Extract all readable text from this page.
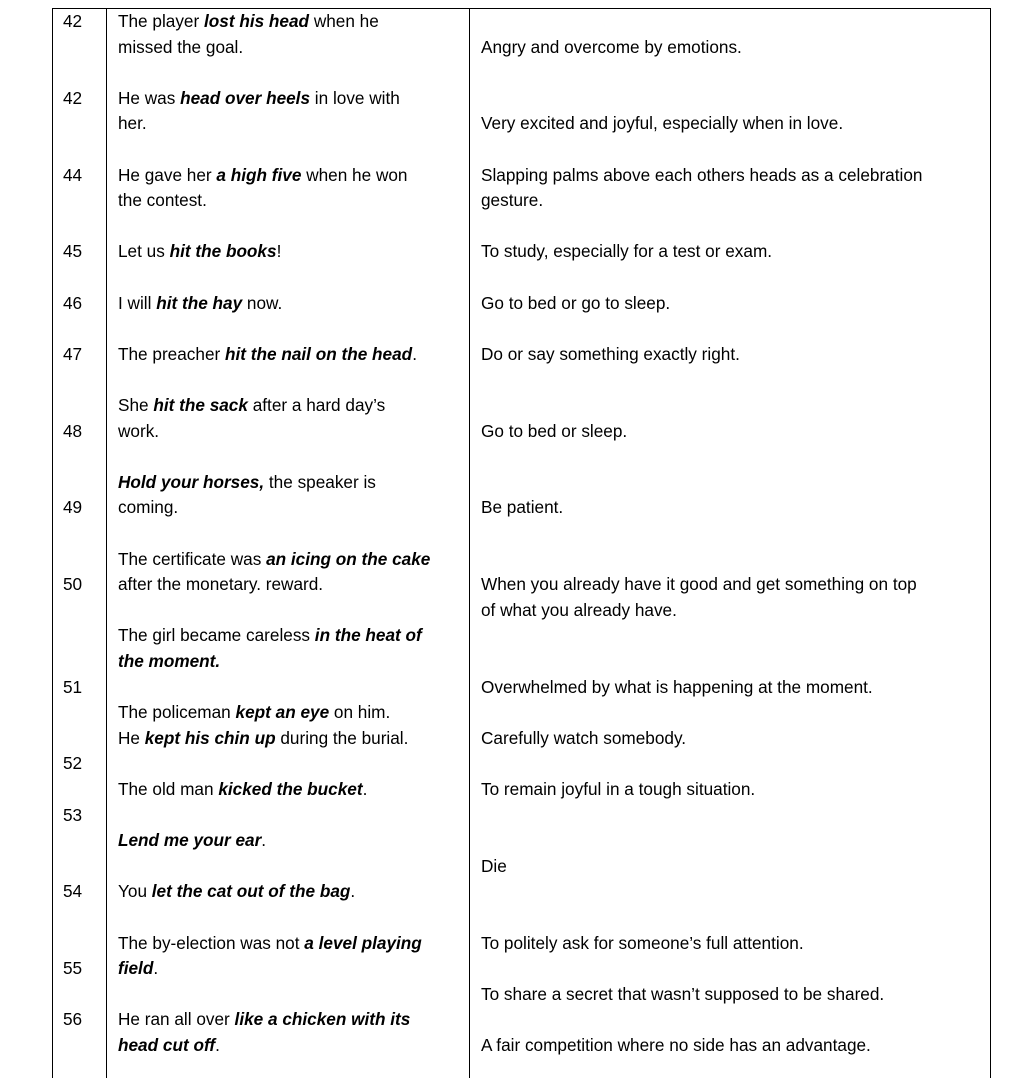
42
42
44
45
46
47
48
49
50
51
52
53
54
55
56
The player lost his head when he
missed the goal.
He was head over heels in love with
her.
He gave her a high five when he won
the contest.
Let us hit the books!
I will hit the hay now.
The preacher hit the nail on the head.
She hit the sack after a hard day’s
work.
Hold your horses, the speaker is
coming.
The certificate was an icing on the cake
after the monetary. reward.
The girl became careless in the heat of
the moment.
The policeman kept an eye on him.
He kept his chin up during the burial.
The old man kicked the bucket.
Lend me your ear.
You let the cat out of the bag.
The by-election was not a level playing
field.
He ran all over like a chicken with its
head cut off.
Angry and overcome by emotions.
Very excited and joyful, especially when in love.
Slapping palms above each others heads as a celebration
gesture.
To study, especially for a test or exam.
Go to bed or go to sleep.
Do or say something exactly right.
Go to bed or sleep.
Be patient.
When you already have it good and get something on top
of what you already have.
Overwhelmed by what is happening at the moment.
Carefully watch somebody.
To remain joyful in a tough situation.
Die
To politely ask for someone’s full attention.
To share a secret that wasn’t supposed to be shared.
A fair competition where no side has an advantage.
